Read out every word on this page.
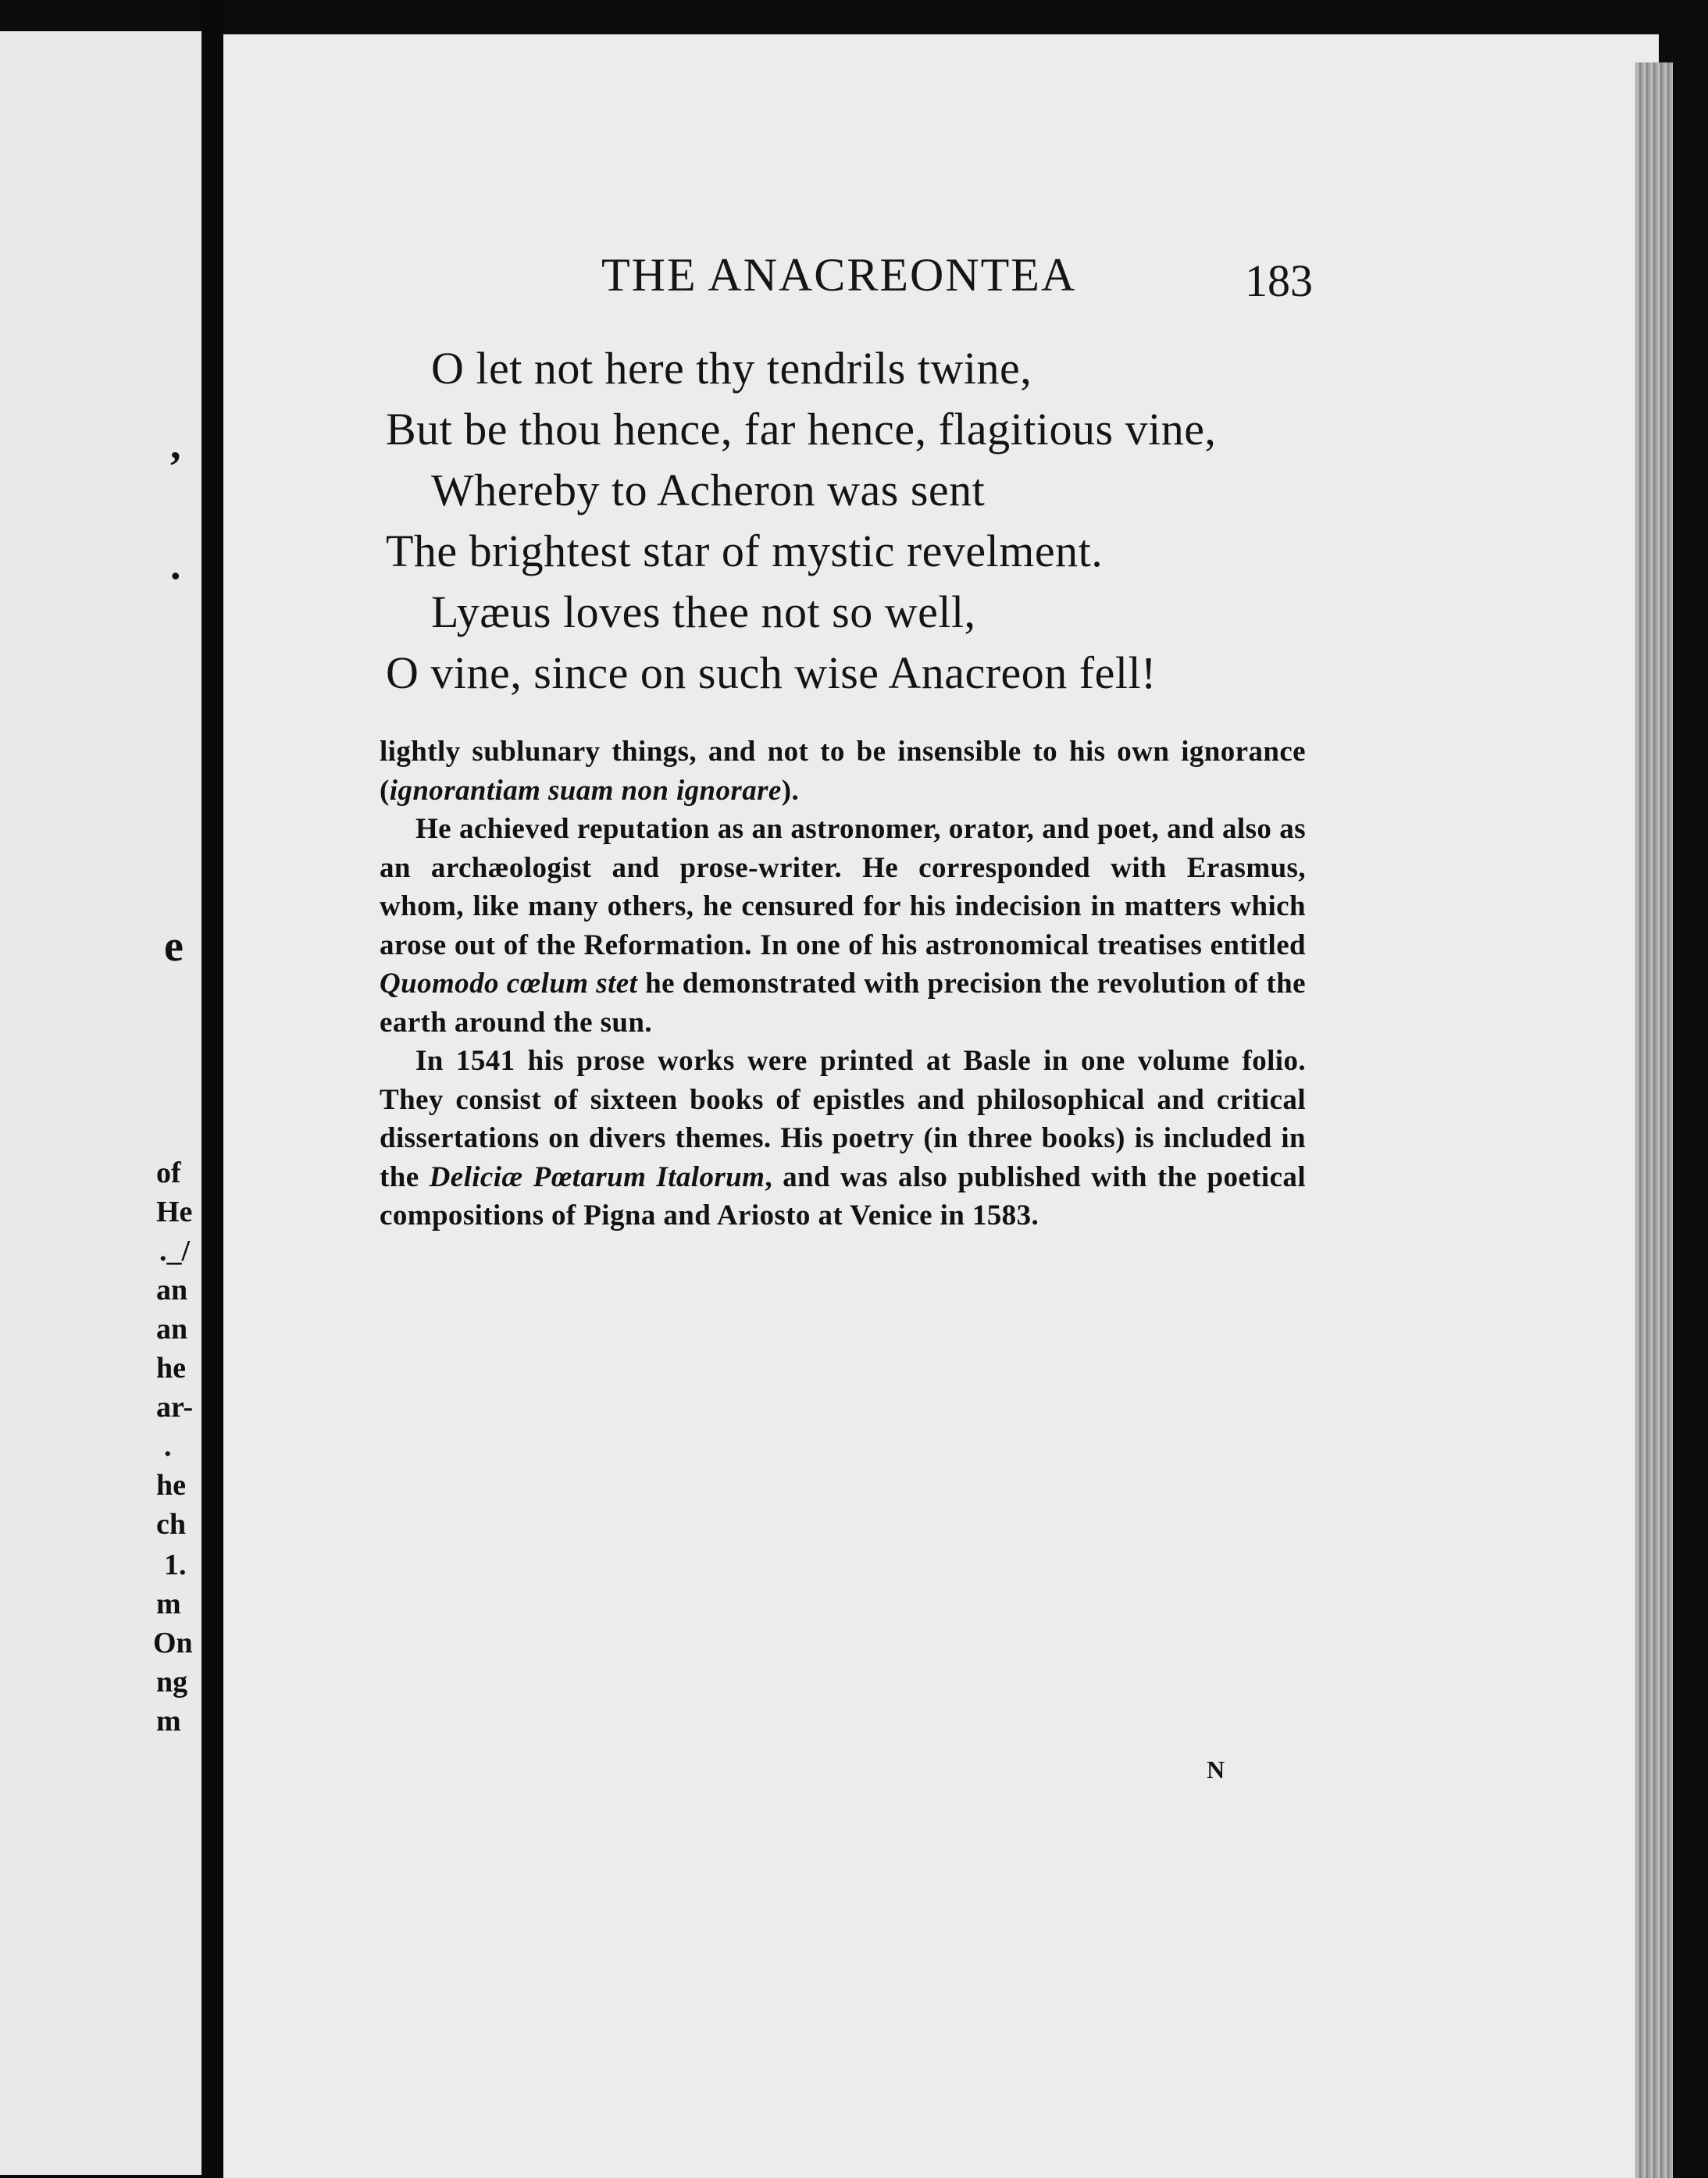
,
.
e
of
He
._/
an
an
he
ar-
.
he
ch
1.
m
On
ng
m
THE ANACREONTEA	183
O let not here thy tendrils twine,
But be thou hence, far hence, flagitious vine,
Whereby to Acheron was sent
The brightest star of mystic revelment.
Lyæus loves thee not so well,
O vine, since on such wise Anacreon fell!

lightly sublunary things, and not to be insensible to his own ignorance (ignorantiam suam non ignorare).

He achieved reputation as an astronomer, orator, and poet, and also as an archæologist and prose-writer. He corresponded with Erasmus, whom, like many others, he censured for his indecision in matters which arose out of the Reformation. In one of his astronomical treatises entitled Quomodo cœlum stet he demonstrated with precision the revolution of the earth around the sun.

In 1541 his prose works were printed at Basle in one volume folio. They consist of sixteen books of epistles and philosophical and critical dissertations on divers themes. His poetry (in three books) is included in the Deliciæ Pœtarum Italorum, and was also published with the poetical compositions of Pigna and Ariosto at Venice in 1583.

N
